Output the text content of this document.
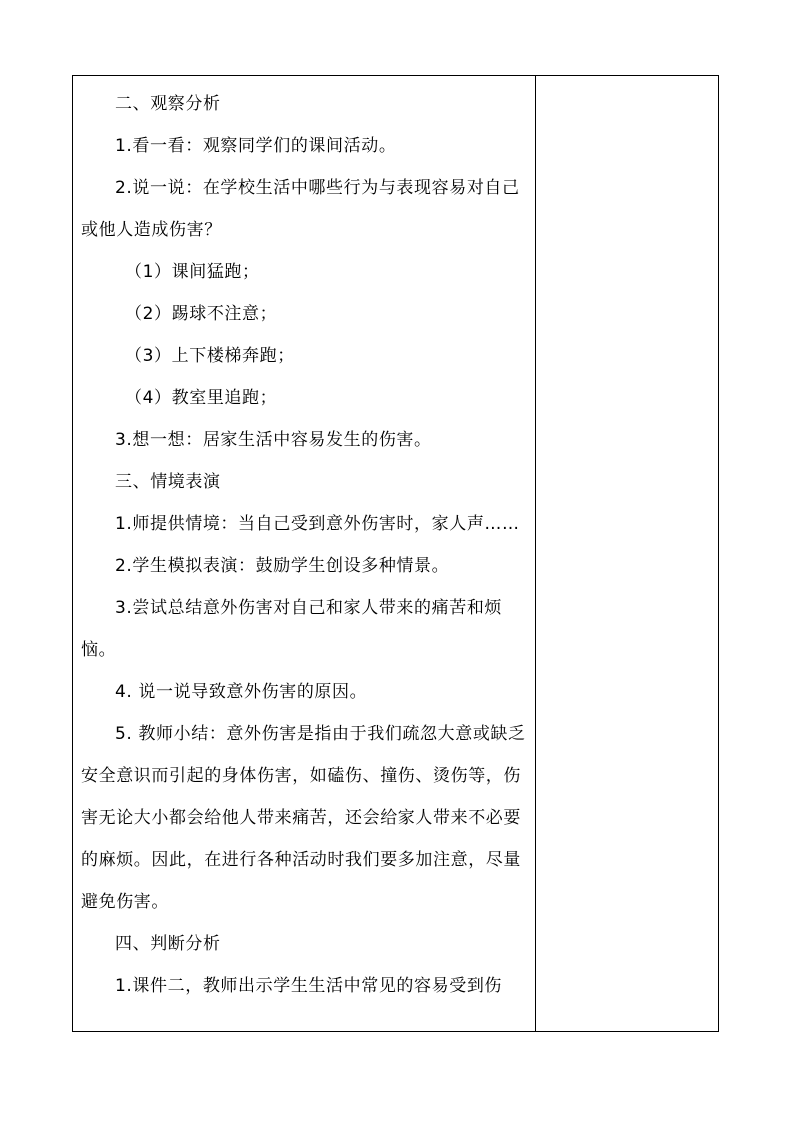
二、观察分析

1.看一看：观察同学们的课间活动。

2.说一说：在学校生活中哪些行为与表现容易对自己或他人造成伤害？

（1）课间猛跑；

（2）踢球不注意；

（3）上下楼梯奔跑；

（4）教室里追跑；

3.想一想：居家生活中容易发生的伤害。

三、情境表演

1.师提供情境：当自己受到意外伤害时，家人声……

2.学生模拟表演：鼓励学生创设多种情景。

3.尝试总结意外伤害对自己和家人带来的痛苦和烦恼。

4. 说一说导致意外伤害的原因。

5. 教师小结：意外伤害是指由于我们疏忽大意或缺乏安全意识而引起的身体伤害，如磕伤、撞伤、烫伤等，伤害无论大小都会给他人带来痛苦，还会给家人带来不必要的麻烦。因此，在进行各种活动时我们要多加注意，尽量避免伤害。

四、判断分析

1.课件二，教师出示学生生活中常见的容易受到伤
